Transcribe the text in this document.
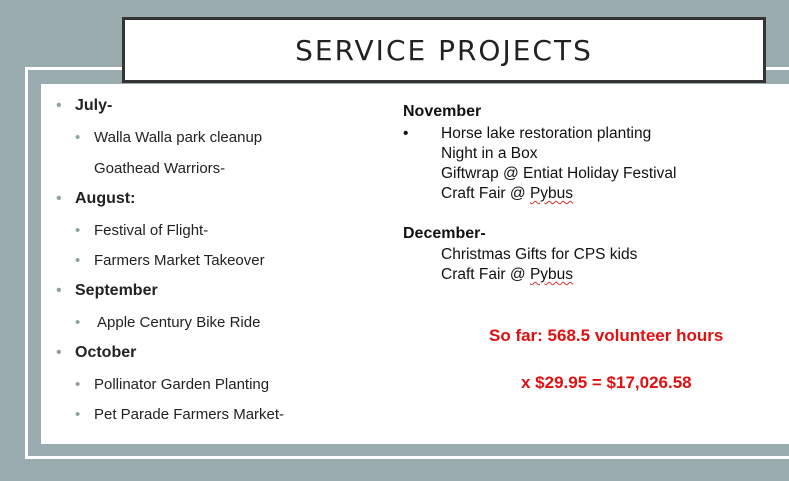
SERVICE PROJECTS
• July-
• Walla Walla park cleanup
Goathead Warriors-
• August:
• Festival of Flight-
• Farmers Market Takeover
• September
• Apple Century Bike Ride
• October
• Pollinator Garden Planting
• Pet Parade Farmers Market-
November
• Horse lake restoration planting
Night in a Box
Giftwrap @ Entiat Holiday Festival
Craft Fair @ Pybus
December-
Christmas Gifts for CPS kids
Craft Fair @ Pybus
So far: 568.5 volunteer hours
x $29.95 = $17,026.58
